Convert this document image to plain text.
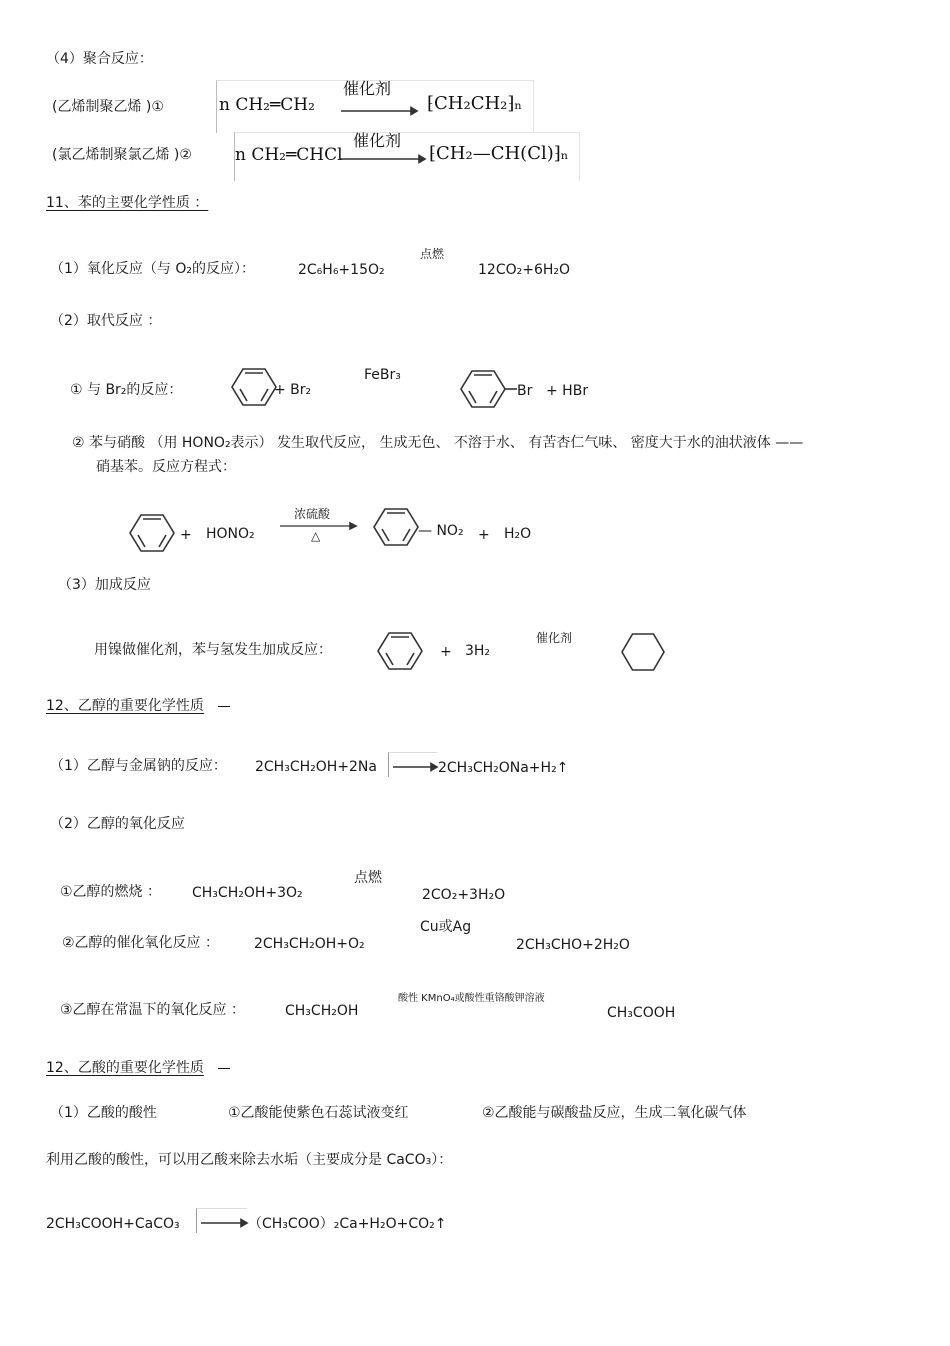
（4）聚合反应：
(乙烯制聚乙烯 )①	n CH₂═CH₂
催化剂
⁅CH₂CH₂⁆ₙ
(氯乙烯制聚氯乙烯 )②	n CH₂═CHCl
催化剂
⁅CH₂—CH(Cl)⁆ₙ
11、苯的主要化学性质 ：
（1）氧化反应（与 O₂的反应）：	2C₆H₆+15O₂
点燃
12CO₂+6H₂O
（2）取代反应 ：
① 与 Br₂的反应：	+ Br₂
FeBr₃
Br + HBr
② 苯与硝酸 （用 HONO₂表示） 发生取代反应， 生成无色、 不溶于水、 有苦杏仁气味、 密度大于水的油状液体 ——
硝基苯。反应方程式：
+ HONO₂
浓硫酸
△	— NO₂ + H₂O
（3）加成反应
用镍做催化剂，苯与氢发生加成反应：	+ 3H₂
催化剂
12、乙醇的重要化学性质
（1）乙醇与金属钠的反应： 2CH₃CH₂OH+2Na	2CH₃CH₂ONa+H₂↑
（2）乙醇的氧化反应
①乙醇的燃烧 ： CH₃CH₂OH+3O₂
点燃
2CO₂+3H₂O
②乙醇的催化氧化反应 ： 2CH₃CH₂OH+O₂
Cu或Ag
2CH₃CHO+2H₂O
③乙醇在常温下的氧化反应 ：	CH₃CH₂OH
酸性 KMnO₄或酸性重铬酸钾溶液
CH₃COOH
12、乙酸的重要化学性质
（1）乙酸的酸性	①乙酸能使紫色石蕊试液变红	②乙酸能与碳酸盐反应，生成二氧化碳气体
利用乙酸的酸性，可以用乙酸来除去水垢（主要成分是 CaCO₃）：
2CH₃COOH+CaCO₃	（CH₃COO）₂Ca+H₂O+CO₂↑
